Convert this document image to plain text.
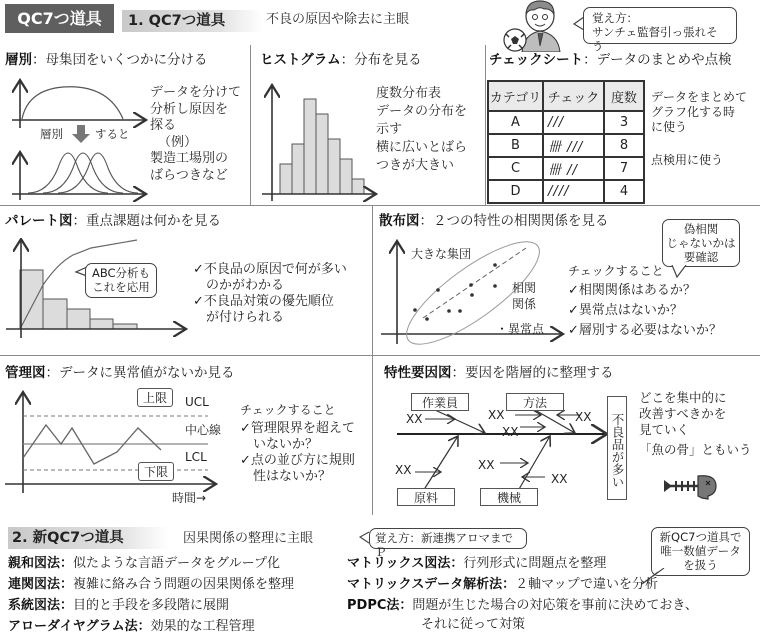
QC7つ道具	1. QC7つ道具	不良の原因や除去に主眼	覚え方：
サンチェ監督引っ張れそう
層別：母集団をいくつかに分ける
層別	すると
データを分けて
分析し原因を
探る
（例）
製造工場別の
ばらつきなど
ヒストグラム：分布を見る
度数分布表
データの分布を
示す
横に広いとばら
つきが大きい
チェックシート：データのまとめや点検
カテゴリ	チェック	度数
A	///	3
B	卌 ///	8
C	卌 //	7
D	////	4
データをまとめて
グラフ化する時
に使う
点検用に使う
パレート図：重点課題は何かを見る
ABC分析も
これを応用
✓不良品の原因で何が多い
　のかがわかる
✓不良品対策の優先順位
　が付けられる
散布図：２つの特性の相関関係を見る
大きな集団
相関
関係
・異常点
偽相関
じゃないかは
要確認
チェックすること
✓相関関係はあるか？
✓異常点はないか？
✓層別する必要はないか？
管理図：データに異常値がないか見る
上限	UCL
中心線
LCL
下限
時間→
チェックすること
✓管理限界を超えて
　いないか？
✓点の並び方に規則
　性はないか？
特性要因図：要因を階層的に整理する
作業員	方法
原料	機械
XX	XX	XX
XX
XX	XX
XX	不良品が多い
どこを集中的に
改善すべきかを
見ていく
「魚の骨」ともいう
2. 新QC7つ道具	因果関係の整理に主眼	覚え方：新連携アロマまでＰ
新QC7つ道具で
唯一数値データ
を扱う
親和図法：似たような言語データをグループ化
連関図法：複雑に絡み合う問題の因果関係を整理
系統図法：目的と手段を多段階に展開
アローダイヤグラム法：効果的な工程管理
マトリックス図法：行列形式に問題点を整理
マトリックスデータ解析法：２軸マップで違いを分析
PDPC法：問題が生じた場合の対応策を事前に決めておき、
それに従って対策
